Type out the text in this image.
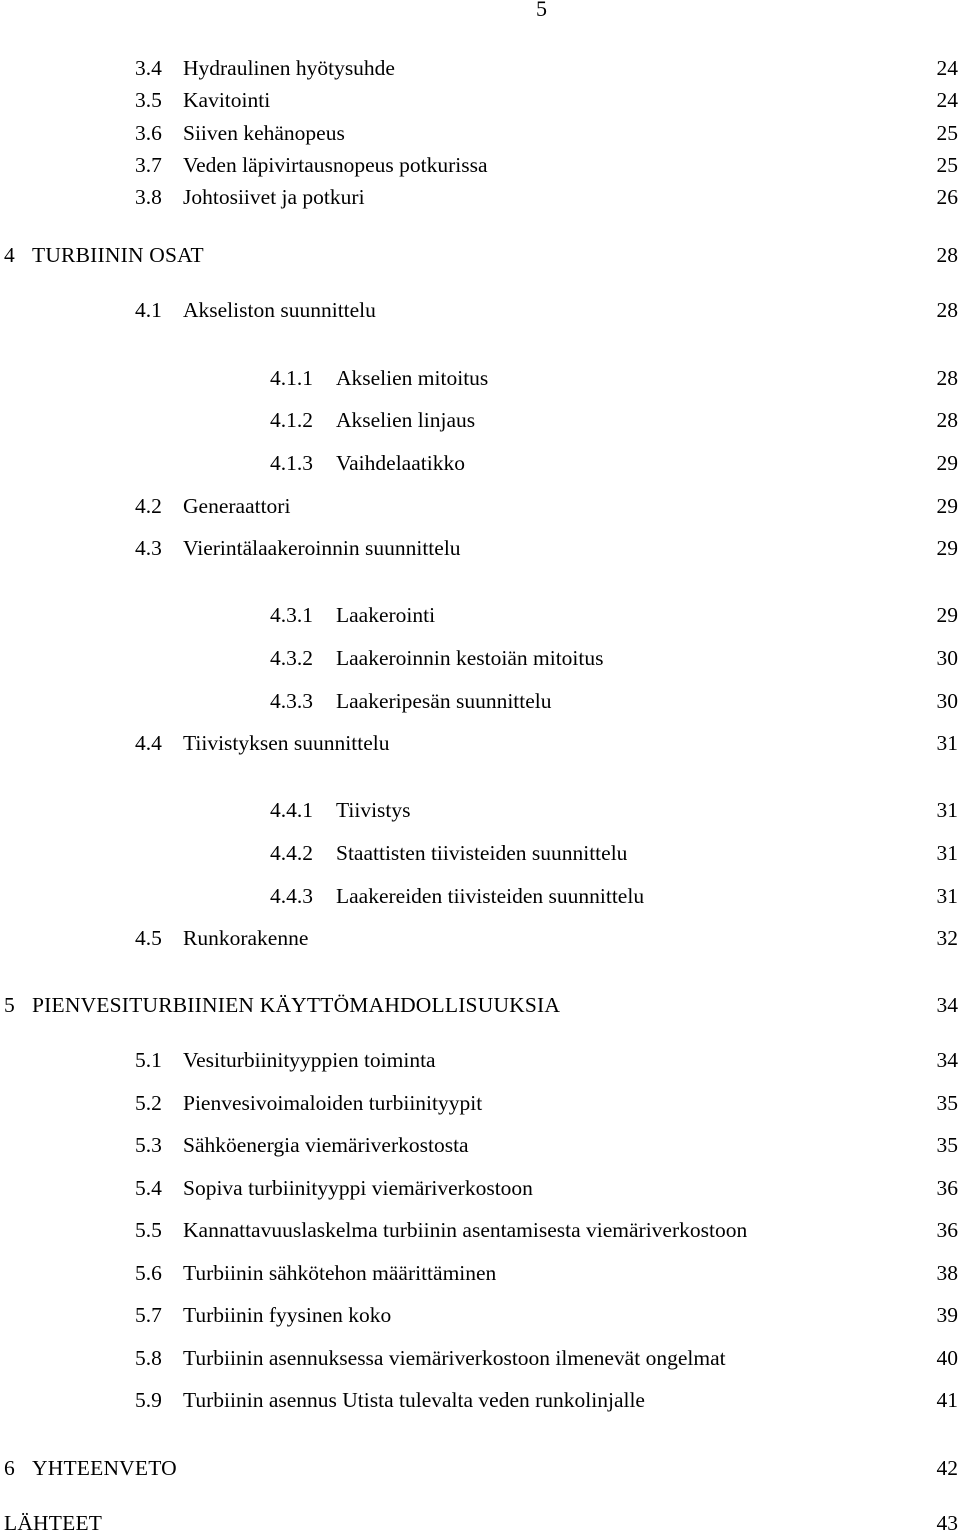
5
3.4 Hydraulinen hyötysuhde	24
3.5 Kavitointi	24
3.6 Siiven kehänopeus	25
3.7 Veden läpivirtausnopeus potkurissa	25
3.8 Johtosiivet ja potkuri	26
4 TURBIININ OSAT	28
4.1 Akseliston suunnittelu	28
4.1.1 Akselien mitoitus	28
4.1.2 Akselien linjaus	28
4.1.3 Vaihdelaatikko	29
4.2 Generaattori	29
4.3 Vierintälaakeroinnin suunnittelu	29
4.3.1 Laakerointi	29
4.3.2 Laakeroinnin kestoiän mitoitus	30
4.3.3 Laakeripesän suunnittelu	30
4.4 Tiivistyksen suunnittelu	31
4.4.1 Tiivistys	31
4.4.2 Staattisten tiivisteiden suunnittelu	31
4.4.3 Laakereiden tiivisteiden suunnittelu	31
4.5 Runkorakenne	32
5 PIENVESITURBIINIEN KÄYTTÖMAHDOLLISUUKSIA	34
5.1 Vesiturbiinityyppien toiminta	34
5.2 Pienvesivoimaloiden turbiinityypit	35
5.3 Sähköenergia viemäriverkostosta	35
5.4 Sopiva turbiinityyppi viemäriverkostoon	36
5.5 Kannattavuuslaskelma turbiinin asentamisesta viemäriverkostoon	36
5.6 Turbiinin sähkötehon määrittäminen	38
5.7 Turbiinin fyysinen koko	39
5.8 Turbiinin asennuksessa viemäriverkostoon ilmenevät ongelmat	40
5.9 Turbiinin asennus Utista tulevalta veden runkolinjalle	41
6 YHTEENVETO	42
LÄHTEET	43
